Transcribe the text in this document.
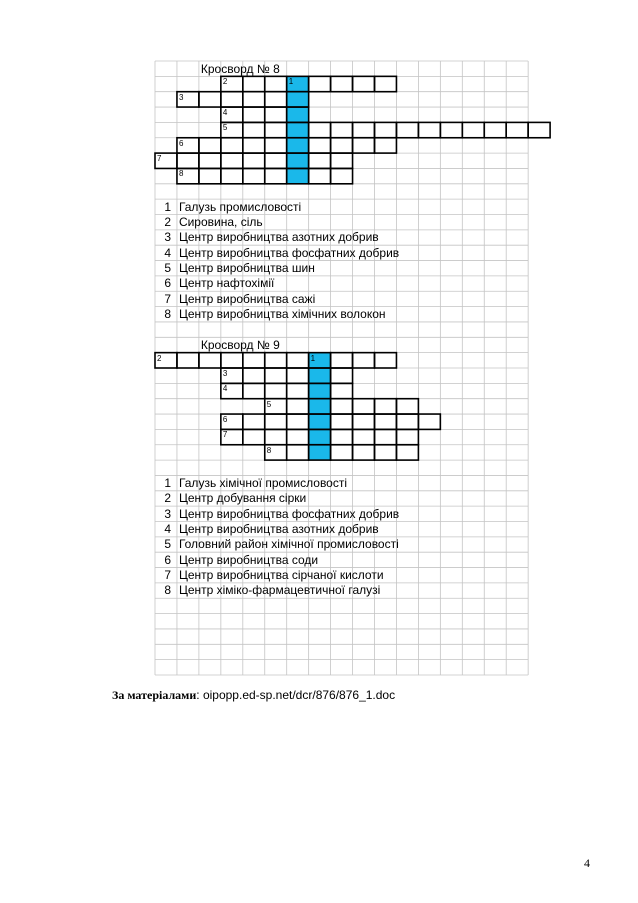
2
3
4
5
6
7
8
1
Кросворд № 8
1 Галузь промисловості
2 Сировина, сіль
3 Центр виробництва азотних добрив
4 Центр виробництва фосфатних добрив
5 Центр виробництва шин
6 Центр нафтохімії
7 Центр виробництва сажі
8 Центр виробництва хімічних волокон
2
3
4
5
6
7
8
1
Кросворд № 9
1 Галузь хімічної промисловості
2 Центр добування сірки
3 Центр виробництва фосфатних добрив
4 Центр виробництва азотних добрив
5 Головний район хімічної промисловості
6 Центр виробництва соди
7 Центр виробництва сірчаної кислоти
8 Центр хіміко-фармацевтичної галузі
За матеріалами: oipopp.ed-sp.net/dcr/876/876_1.doc
4
